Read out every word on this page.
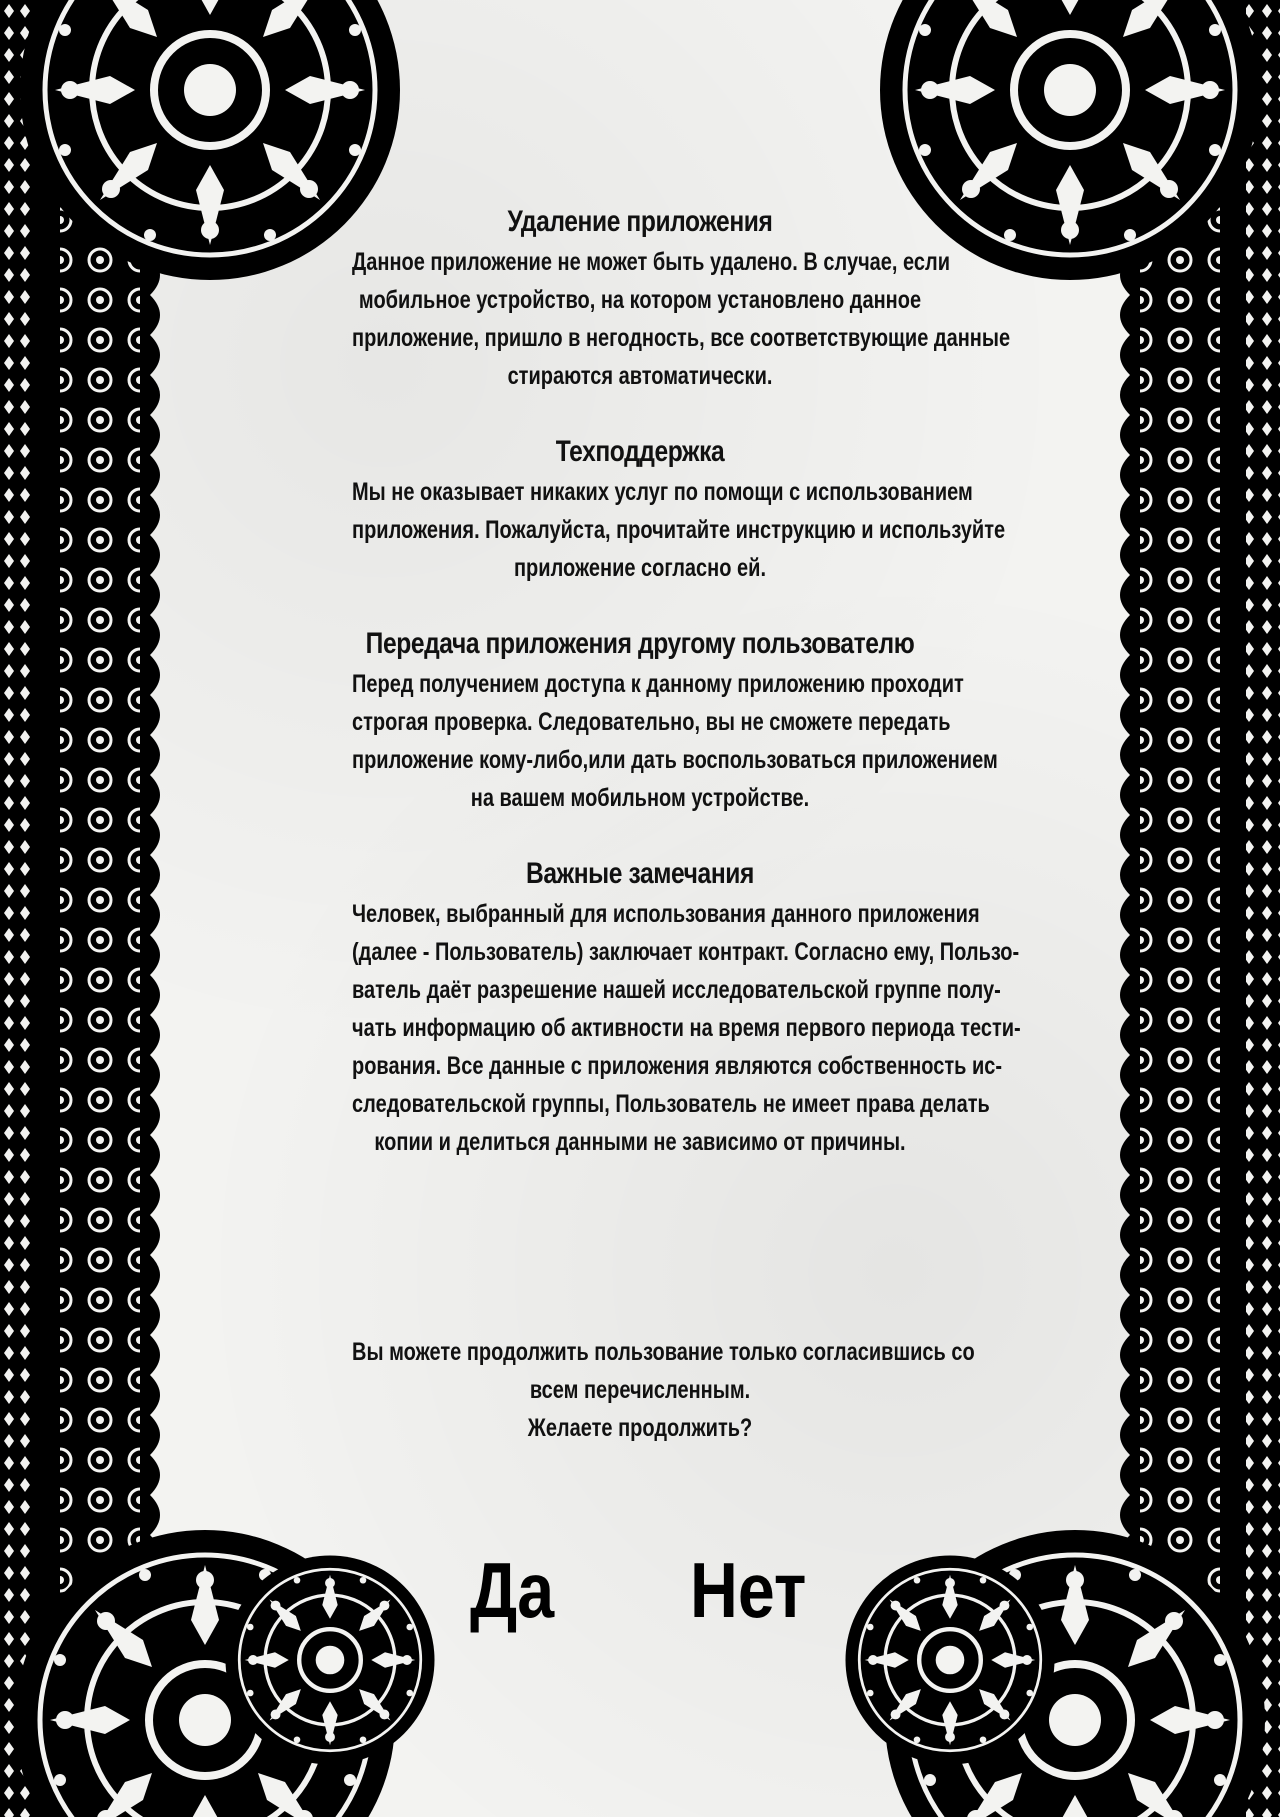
Удаление приложения
Данное приложение не может быть удалено. В случае, если
мобильное устройство, на котором установлено данное
приложение, пришло в негодность, все соответствующие данные
стираются автоматически.
Техподдержка
Мы не оказывает никаких услуг по помощи с использованием
приложения. Пожалуйста, прочитайте инструкцию и используйте
приложение согласно ей.
Передача приложения другому пользователю
Перед получением доступа к данному приложению проходит
строгая проверка. Следовательно, вы не сможете передать
приложение кому-либо,или дать воспользоваться приложением
на вашем мобильном устройстве.
Важные замечания
Человек, выбранный для использования данного приложения
(далее - Пользователь) заключает контракт. Согласно ему, Пользо-
ватель даёт разрешение нашей исследовательской группе полу-
чать информацию об активности на время первого периода тести-
рования. Все данные с приложения являются собственность ис-
следовательской группы, Пользователь не имеет права делать
копии и делиться данными не зависимо от причины.
Вы можете продолжить пользование только согласившись со
всем перечисленным.
Желаете продолжить?
Да Нет
